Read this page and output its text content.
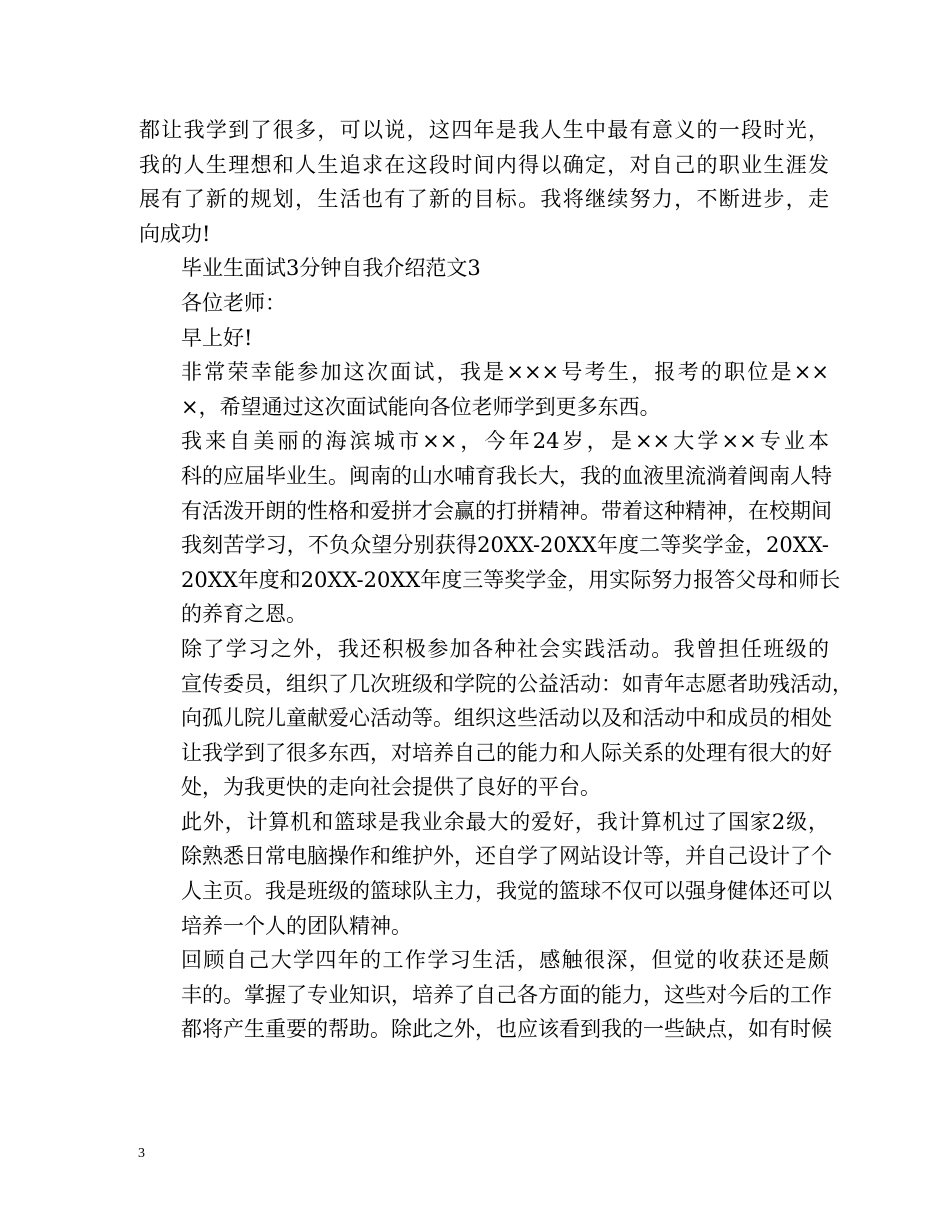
都让我学到了很多，可以说，这四年是我人生中最有意义的一段时光，
我的人生理想和人生追求在这段时间内得以确定，对自己的职业生涯发
展有了新的规划，生活也有了新的目标。我将继续努力，不断进步，走
向成功!
毕业生面试3分钟自我介绍范文3
各位老师：
早上好!
非常荣幸能参加这次面试，我是×××号考生，报考的职位是××
×，希望通过这次面试能向各位老师学到更多东西。
我来自美丽的海滨城市××，今年24岁，是××大学××专业本
科的应届毕业生。闽南的山水哺育我长大，我的血液里流淌着闽南人特
有活泼开朗的性格和爱拼才会赢的打拼精神。带着这种精神，在校期间
我刻苦学习，不负众望分别获得20XX-20XX年度二等奖学金，20XX-
20XX年度和20XX-20XX年度三等奖学金，用实际努力报答父母和师长
的养育之恩。
除了学习之外，我还积极参加各种社会实践活动。我曾担任班级的
宣传委员，组织了几次班级和学院的公益活动：如青年志愿者助残活动，
向孤儿院儿童献爱心活动等。组织这些活动以及和活动中和成员的相处
让我学到了很多东西，对培养自己的能力和人际关系的处理有很大的好
处，为我更快的走向社会提供了良好的平台。
此外，计算机和篮球是我业余最大的爱好，我计算机过了国家2级，
除熟悉日常电脑操作和维护外，还自学了网站设计等，并自己设计了个
人主页。我是班级的篮球队主力，我觉的篮球不仅可以强身健体还可以
培养一个人的团队精神。
回顾自己大学四年的工作学习生活，感触很深，但觉的收获还是颇
丰的。掌握了专业知识，培养了自己各方面的能力，这些对今后的工作
都将产生重要的帮助。除此之外，也应该看到我的一些缺点，如有时候
3
